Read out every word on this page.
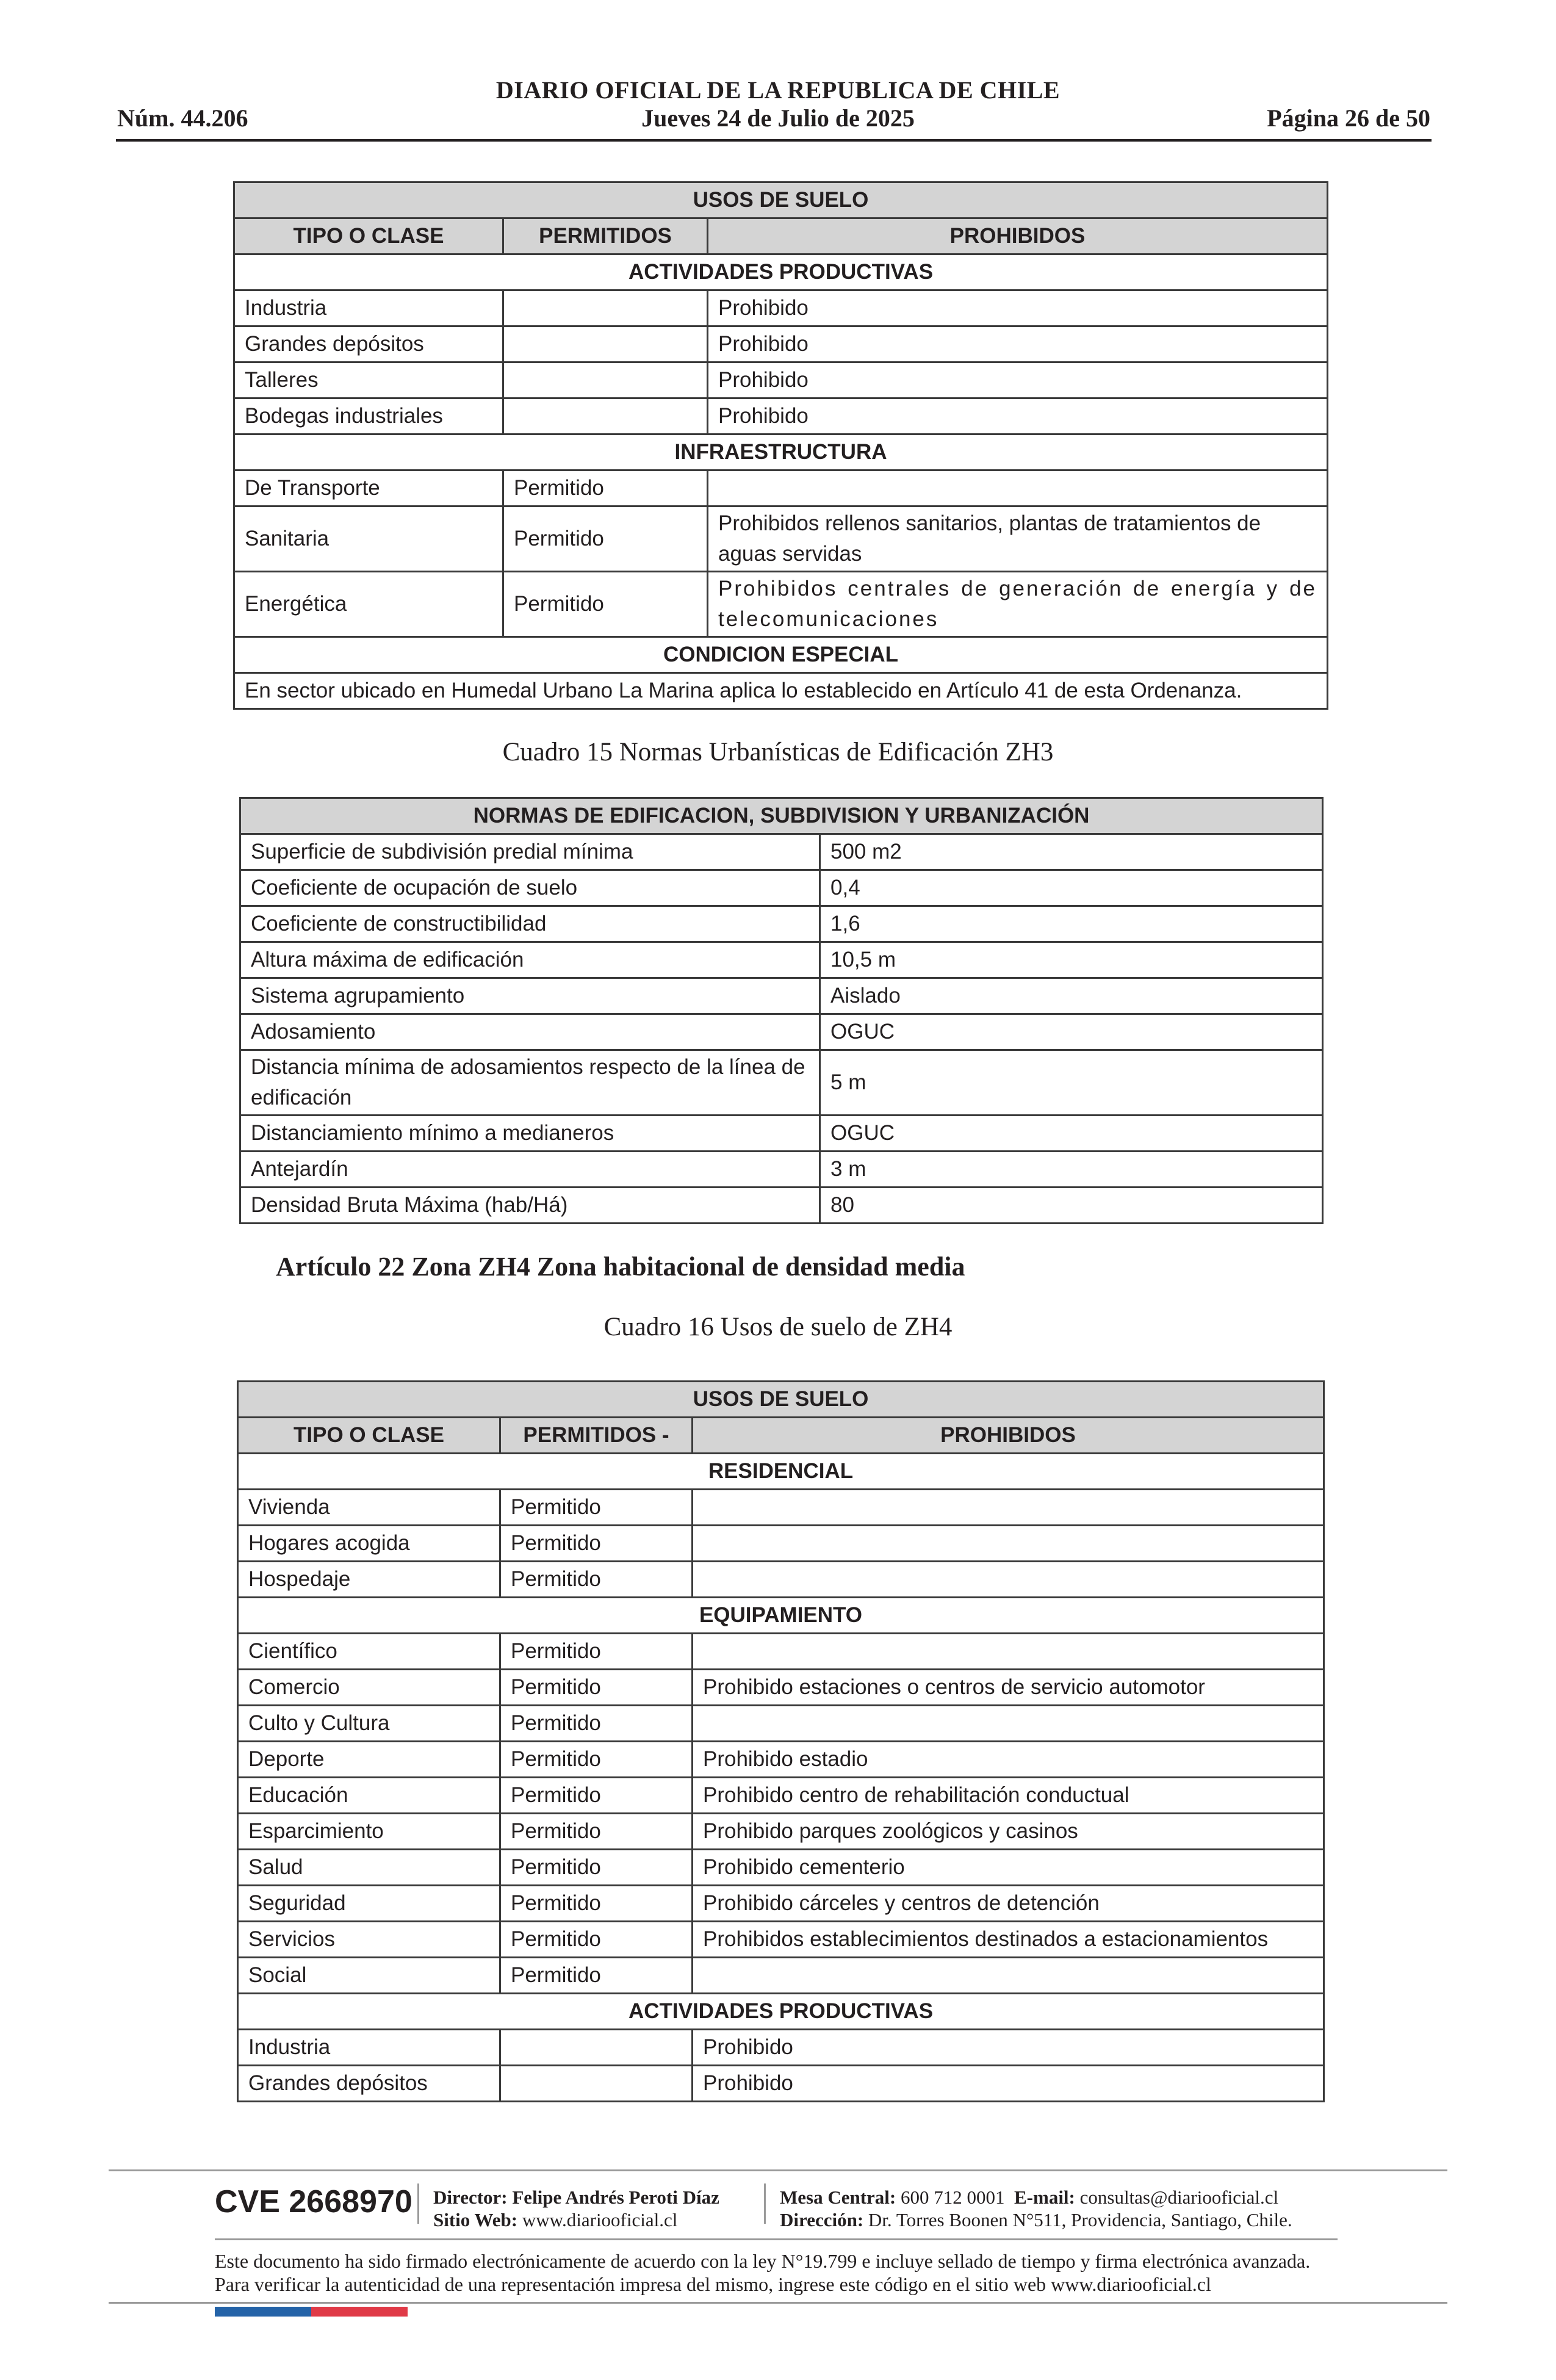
DIARIO OFICIAL DE LA REPUBLICA DE CHILE
Núm. 44.206	Jueves 24 de Julio de 2025	Página 26 de 50
USOS DE SUELO		
TIPO O CLASE	PERMITIDOS	PROHIBIDOS
ACTIVIDADES PRODUCTIVAS		
Industria		Prohibido
Grandes depósitos		Prohibido
Talleres		Prohibido
Bodegas industriales		Prohibido
INFRAESTRUCTURA		
De Transporte	Permitido	
Sanitaria	Permitido	Prohibidos rellenos sanitarios, plantas de tratamientos de aguas servidas
Energética	Permitido	Prohibidos centrales de generación de energía y de telecomunicaciones
CONDICION ESPECIAL		
En sector ubicado en Humedal Urbano La Marina aplica lo establecido en Artículo 41 de esta Ordenanza.		
Cuadro 15 Normas Urbanísticas de Edificación ZH3
NORMAS DE EDIFICACION, SUBDIVISION Y URBANIZACIÓN	
Superficie de subdivisión predial mínima	500 m2
Coeficiente de ocupación de suelo	0,4
Coeficiente de constructibilidad	1,6
Altura máxima de edificación	10,5 m
Sistema agrupamiento	Aislado
Adosamiento	OGUC
Distancia mínima de adosamientos respecto de la línea de edificación	5 m
Distanciamiento mínimo a medianeros	OGUC
Antejardín	3 m
Densidad Bruta Máxima (hab/Há)	80
Artículo 22 Zona ZH4 Zona habitacional de densidad media
Cuadro 16 Usos de suelo de ZH4
USOS DE SUELO		
TIPO O CLASE	PERMITIDOS -	PROHIBIDOS
RESIDENCIAL		
Vivienda	Permitido	
Hogares acogida	Permitido	
Hospedaje	Permitido	
EQUIPAMIENTO		
Científico	Permitido	
Comercio	Permitido	Prohibido estaciones o centros de servicio automotor
Culto y Cultura	Permitido	
Deporte	Permitido	Prohibido estadio
Educación	Permitido	Prohibido centro de rehabilitación conductual
Esparcimiento	Permitido	Prohibido parques zoológicos y casinos
Salud	Permitido	Prohibido cementerio
Seguridad	Permitido	Prohibido cárceles y centros de detención
Servicios	Permitido	Prohibidos establecimientos destinados a estacionamientos
Social	Permitido	
ACTIVIDADES PRODUCTIVAS		
Industria		Prohibido
Grandes depósitos		Prohibido
CVE 2668970 Director: Felipe Andrés Peroti Díaz
Sitio Web: www.diariooficial.cl
Mesa Central: 600 712 0001 E-mail: consultas@diariooficial.cl
Dirección: Dr. Torres Boonen N°511, Providencia, Santiago, Chile.
Este documento ha sido firmado electrónicamente de acuerdo con la ley N°19.799 e incluye sellado de tiempo y firma electrónica avanzada. Para verificar la autenticidad de una representación impresa del mismo, ingrese este código en el sitio web www.diariooficial.cl
